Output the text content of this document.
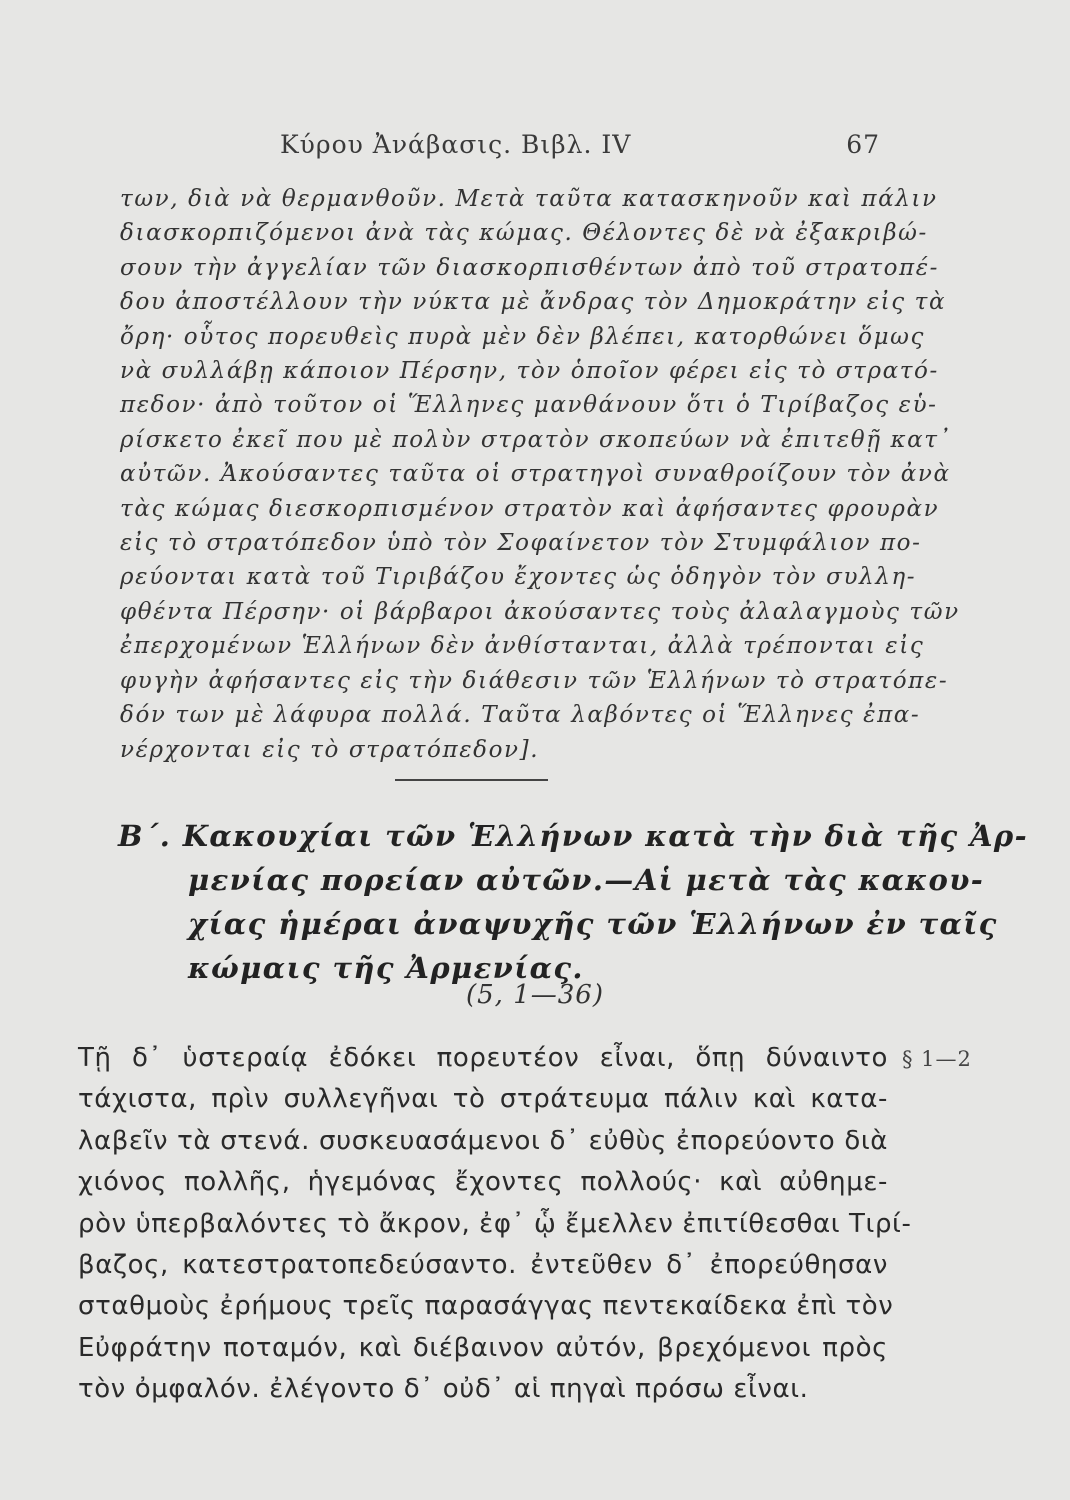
Κύρου Ἀνάβασις. Βιβλ. IV	67
των, διὰ νὰ θερμανθοῦν. Μετὰ ταῦτα κατασκηνοῦν καὶ πάλιν
διασκορπιζόμενοι ἀνὰ τὰς κώμας. Θέλοντες δὲ νὰ ἐξακριβώ-
σουν τὴν ἀγγελίαν τῶν διασκορπισθέντων ἀπὸ τοῦ στρατοπέ-
δου ἀποστέλλουν τὴν νύκτα μὲ ἄνδρας τὸν Δημοκράτην εἰς τὰ
ὄρη· οὗτος πορευθεὶς πυρὰ μὲν δὲν βλέπει, κατορθώνει ὅμως
νὰ συλλάβῃ κάποιον Πέρσην, τὸν ὁποῖον φέρει εἰς τὸ στρατό-
πεδον· ἀπὸ τοῦτον οἱ Ἕλληνες μανθάνουν ὅτι ὁ Τιρίβαζος εὑ-
ρίσκετο ἐκεῖ που μὲ πολὺν στρατὸν σκοπεύων νὰ ἐπιτεθῇ κατ᾽
αὐτῶν. Ἀκούσαντες ταῦτα οἱ στρατηγοὶ συναθροίζουν τὸν ἀνὰ
τὰς κώμας διεσκορπισμένον στρατὸν καὶ ἀφήσαντες φρουρὰν
εἰς τὸ στρατόπεδον ὑπὸ τὸν Σοφαίνετον τὸν Στυμφάλιον πο-
ρεύονται κατὰ τοῦ Τιριβάζου ἔχοντες ὡς ὁδηγὸν τὸν συλλη-
φθέντα Πέρσην· οἱ βάρβαροι ἀκούσαντες τοὺς ἀλαλαγμοὺς τῶν
ἐπερχομένων Ἑλλήνων δὲν ἀνθίστανται, ἀλλὰ τρέπονται εἰς
φυγὴν ἀφήσαντες εἰς τὴν διάθεσιν τῶν Ἑλλήνων τὸ στρατόπε-
δόν των μὲ λάφυρα πολλά. Ταῦτα λαβόντες οἱ Ἕλληνες ἐπα-
νέρχονται εἰς τὸ στρατόπεδον].
Β΄. Κακουχίαι τῶν Ἑλλήνων κατὰ τὴν διὰ τῆς Ἀρ-
μενίας πορείαν αὐτῶν.—Αἱ μετὰ τὰς κακου-
χίας ἡμέραι ἀναψυχῆς τῶν Ἑλλήνων ἐν ταῖς
κώμαις τῆς Ἀρμενίας.
(5, 1—36)
Τῇ δ᾽ ὑστεραίᾳ ἐδόκει πορευτέον εἶναι, ὅπῃ δύναιντο
τάχιστα, πρὶν συλλεγῆναι τὸ στράτευμα πάλιν καὶ κατα-
λαβεῖν τὰ στενά. συσκευασάμενοι δ᾽ εὐθὺς ἐπορεύοντο διὰ
χιόνος πολλῆς, ἡγεμόνας ἔχοντες πολλούς· καὶ αὐθημε-
ρὸν ὑπερβαλόντες τὸ ἄκρον, ἐφ᾽ ᾧ ἔμελλεν ἐπιτίθεσθαι Τιρί-
βαζος, κατεστρατοπεδεύσαντο. ἐντεῦθεν δ᾽ ἐπορεύθησαν
σταθμοὺς ἐρήμους τρεῖς παρασάγγας πεντεκαίδεκα ἐπὶ τὸν
Εὐφράτην ποταμόν, καὶ διέβαινον αὐτόν, βρεχόμενοι πρὸς
τὸν ὀμφαλόν. ἐλέγοντο δ᾽ οὐδ᾽ αἱ πηγαὶ πρόσω εἶναι.
§ 1—2
